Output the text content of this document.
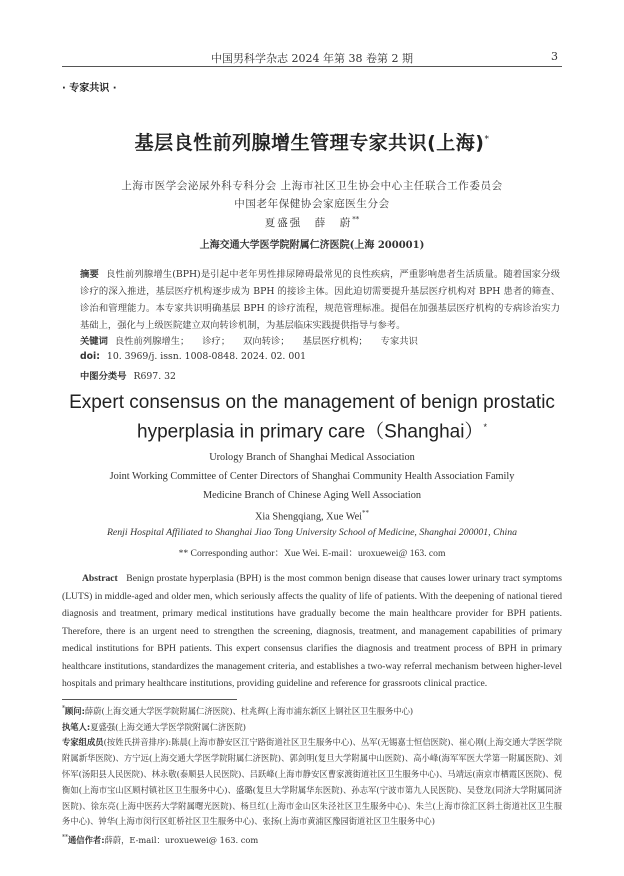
中国男科学杂志 2024 年第 38 卷第 2 期	3
· 专家共识 ·
基层良性前列腺增生管理专家共识(上海)*
上海市医学会泌尿外科专科分会 上海市社区卫生协会中心主任联合工作委员会
中国老年保健协会家庭医生分会
夏盛强　薛　蔚**
上海交通大学医学院附属仁济医院(上海 200001)
摘要 良性前列腺增生(BPH)是引起中老年男性排尿障碍最常见的良性疾病，严重影响患者生活质量。随着国家分级诊疗的深入推进，基层医疗机构逐步成为 BPH 的接诊主体。因此迫切需要提升基层医疗机构对 BPH 患者的筛查、诊治和管理能力。本专家共识明确基层 BPH 的诊疗流程，规范管理标准。提倡在加强基层医疗机构的专病诊治实力基础上，强化与上级医院建立双向转诊机制，为基层临床实践提供指导与参考。
关键词 良性前列腺增生； 诊疗； 双向转诊； 基层医疗机构； 专家共识
doi: 10. 3969/j. issn. 1008-0848. 2024. 02. 001
中图分类号 R697. 32
Expert consensus on the management of benign prostatic
hyperplasia in primary care（Shanghai）*
Urology Branch of Shanghai Medical Association
Joint Working Committee of Center Directors of Shanghai Community Health Association Family
Medicine Branch of Chinese Aging Well Association
Xia Shengqiang, Xue Wei**
Renji Hospital Affiliated to Shanghai Jiao Tong University School of Medicine, Shanghai 200001, China
** Corresponding author：Xue Wei. E-mail：uroxuewei@ 163. com
Abstract Benign prostate hyperplasia (BPH) is the most common benign disease that causes lower urinary tract symptoms (LUTS) in middle-aged and older men, which seriously affects the quality of life of patients. With the deepening of national tiered diagnosis and treatment, primary medical institutions have gradually become the main healthcare provider for BPH patients. Therefore, there is an urgent need to strengthen the screening, diagnosis, treatment, and management capabilities of primary medical institutions for BPH patients. This expert consensus clarifies the diagnosis and treatment process of BPH in primary healthcare institutions, standardizes the management criteria, and establishes a two-way referral mechanism between higher-level hospitals and primary healthcare institutions, providing guideline and reference for grassroots clinical practice.

*顾问:薛蔚(上海交通大学医学院附属仁济医院)、杜兆辉(上海市浦东新区上钢社区卫生服务中心)

执笔人:夏盛强(上海交通大学医学院附属仁济医院)

专家组成员(按姓氏拼音排序):陈晨(上海市静安区江宁路街道社区卫生服务中心)、丛军(无锡嘉士恒信医院)、崔心刚(上海交通大学医学院附属新华医院)、方宁远(上海交通大学医学院附属仁济医院)、郭剑明(复旦大学附属中山医院)、高小峰(海军军医大学第一附属医院)、刘怀军(汤阳县人民医院)、林永敬(泰顺县人民医院)、吕跃峰(上海市静安区曹家渡街道社区卫生服务中心)、马靖远(南京市栖霞区医院)、倪衡如(上海市宝山区顾村镇社区卫生服务中心)、盛璐(复旦大学附属华东医院)、孙志军(宁波市第九人民医院)、吴登龙(同济大学附属同济医院)、徐东亮(上海中医药大学附属曙光医院)、杨旦红(上海市金山区朱泾社区卫生服务中心)、朱兰(上海市徐汇区斜土街道社区卫生服务中心)、钟华(上海市闵行区虹桥社区卫生服务中心)、张扬(上海市黄浦区豫园街道社区卫生服务中心)

**通信作者:薛蔚，E-mail：uroxuewei@ 163. com
